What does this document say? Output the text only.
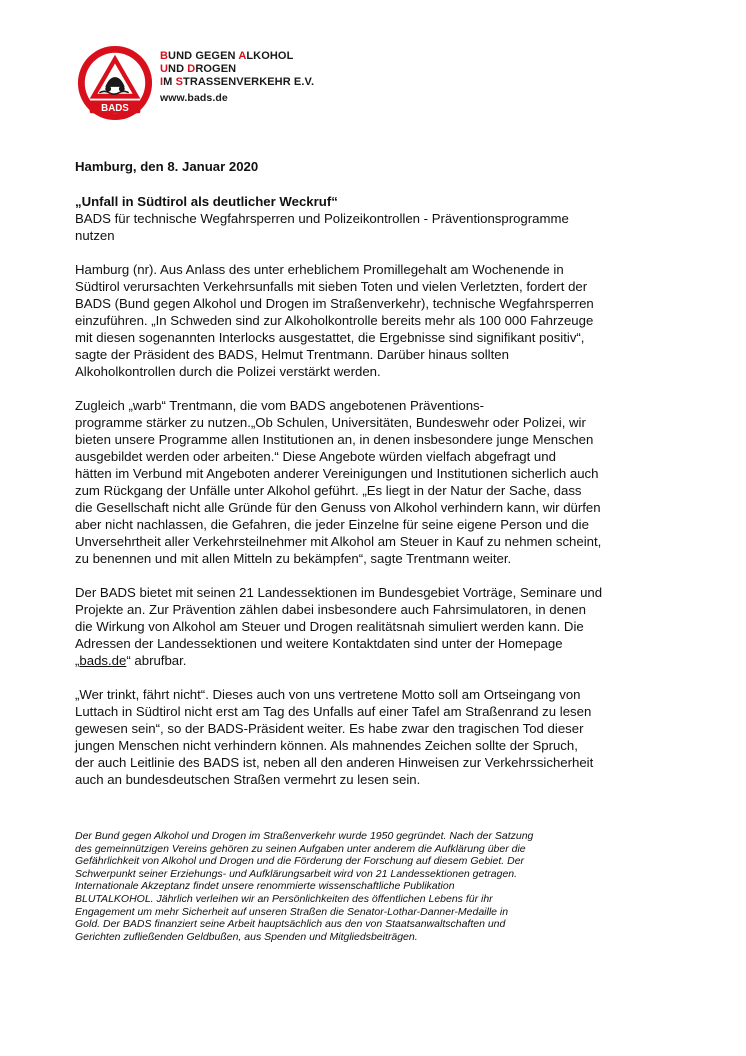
BADS
BUND GEGEN ALKOHOL
UND DROGEN
IM STRASSENVERKEHR E.V.
www.bads.de

Hamburg, den 8. Januar 2020

„Unfall in Südtirol als deutlicher Weckruf“

BADS für technische Wegfahrsperren und Polizeikontrollen - Präventionsprogramme
nutzen

Hamburg (nr). Aus Anlass des unter erheblichem Promillegehalt am Wochenende in
Südtirol verursachten Verkehrsunfalls mit sieben Toten und vielen Verletzten, fordert der
BADS (Bund gegen Alkohol und Drogen im Straßenverkehr), technische Wegfahrsperren
einzuführen. „In Schweden sind zur Alkoholkontrolle bereits mehr als 100 000 Fahrzeuge
mit diesen sogenannten Interlocks ausgestattet, die Ergebnisse sind signifikant positiv“,
sagte der Präsident des BADS, Helmut Trentmann. Darüber hinaus sollten
Alkoholkontrollen durch die Polizei verstärkt werden.

Zugleich „warb“ Trentmann, die vom BADS angebotenen Präventions-
programme stärker zu nutzen.„Ob Schulen, Universitäten, Bundeswehr oder Polizei, wir
bieten unsere Programme allen Institutionen an, in denen insbesondere junge Menschen
ausgebildet werden oder arbeiten.“ Diese Angebote würden vielfach abgefragt und
hätten im Verbund mit Angeboten anderer Vereinigungen und Institutionen sicherlich auch
zum Rückgang der Unfälle unter Alkohol geführt. „Es liegt in der Natur der Sache, dass
die Gesellschaft nicht alle Gründe für den Genuss von Alkohol verhindern kann, wir dürfen
aber nicht nachlassen, die Gefahren, die jeder Einzelne für seine eigene Person und die
Unversehrtheit aller Verkehrsteilnehmer mit Alkohol am Steuer in Kauf zu nehmen scheint,
zu benennen und mit allen Mitteln zu bekämpfen“, sagte Trentmann weiter.

Der BADS bietet mit seinen 21 Landessektionen im Bundesgebiet Vorträge, Seminare und
Projekte an. Zur Prävention zählen dabei insbesondere auch Fahrsimulatoren, in denen
die Wirkung von Alkohol am Steuer und Drogen realitätsnah simuliert werden kann. Die
Adressen der Landessektionen und weitere Kontaktdaten sind unter der Homepage
„bads.de“ abrufbar.

„Wer trinkt, fährt nicht“. Dieses auch von uns vertretene Motto soll am Ortseingang von
Luttach in Südtirol nicht erst am Tag des Unfalls auf einer Tafel am Straßenrand zu lesen
gewesen sein“, so der BADS-Präsident weiter. Es habe zwar den tragischen Tod dieser
jungen Menschen nicht verhindern können. Als mahnendes Zeichen sollte der Spruch,
der auch Leitlinie des BADS ist, neben all den anderen Hinweisen zur Verkehrssicherheit
auch an bundesdeutschen Straßen vermehrt zu lesen sein.

Der Bund gegen Alkohol und Drogen im Straßenverkehr wurde 1950 gegründet. Nach der Satzung
des gemeinnützigen Vereins gehören zu seinen Aufgaben unter anderem die Aufklärung über die
Gefährlichkeit von Alkohol und Drogen und die Förderung der Forschung auf diesem Gebiet. Der
Schwerpunkt seiner Erziehungs- und Aufklärungsarbeit wird von 21 Landessektionen getragen.
Internationale Akzeptanz findet unsere renommierte wissenschaftliche Publikation
BLUTALKOHOL. Jährlich verleihen wir an Persönlichkeiten des öffentlichen Lebens für ihr
Engagement um mehr Sicherheit auf unseren Straßen die Senator-Lothar-Danner-Medaille in
Gold. Der BADS finanziert seine Arbeit hauptsächlich aus den von Staatsanwaltschaften und
Gerichten zufließenden Geldbußen, aus Spenden und Mitgliedsbeiträgen.
